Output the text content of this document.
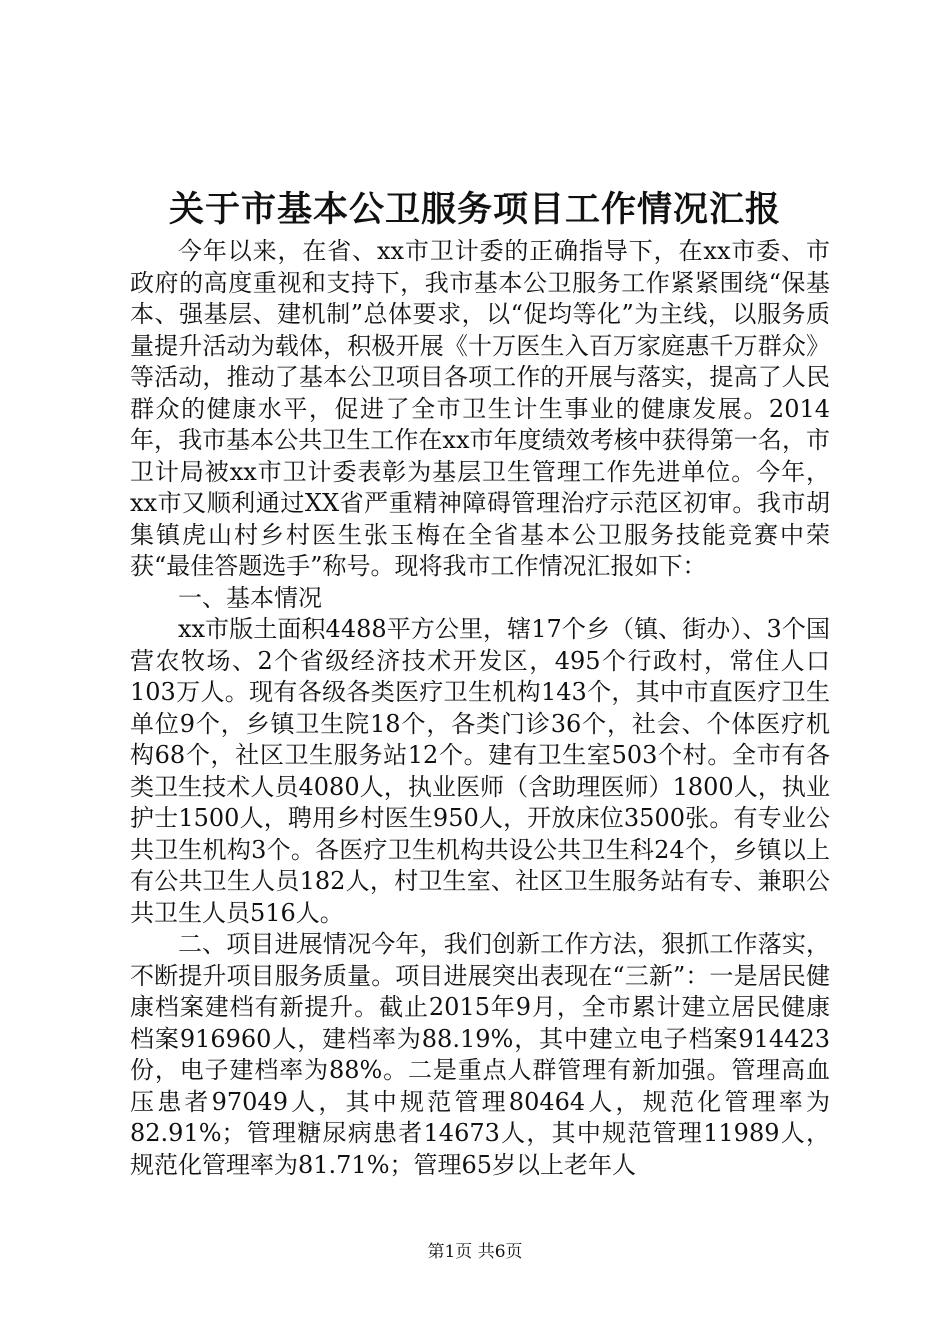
关于市基本公卫服务项目工作情况汇报

今年以来，在省、xx市卫计委的正确指导下，在xx市委、市政府的高度重视和支持下，我市基本公卫服务工作紧紧围绕“保基本、强基层、建机制”总体要求，以“促均等化”为主线，以服务质量提升活动为载体，积极开展《十万医生入百万家庭惠千万群众》等活动，推动了基本公卫项目各项工作的开展与落实，提高了人民群众的健康水平，促进了全市卫生计生事业的健康发展。2014年，我市基本公共卫生工作在xx市年度绩效考核中获得第一名，市卫计局被xx市卫计委表彰为基层卫生管理工作先进单位。今年，xx市又顺利通过XX省严重精神障碍管理治疗示范区初审。我市胡集镇虎山村乡村医生张玉梅在全省基本公卫服务技能竞赛中荣获“最佳答题选手”称号。现将我市工作情况汇报如下：

一、基本情况

xx市版土面积4488平方公里，辖17个乡（镇、街办）、3个国营农牧场、2个省级经济技术开发区，495个行政村，常住人口103万人。现有各级各类医疗卫生机构143个，其中市直医疗卫生单位9个，乡镇卫生院18个，各类门诊36个，社会、个体医疗机构68个，社区卫生服务站12个。建有卫生室503个村。全市有各类卫生技术人员4080人，执业医师（含助理医师）1800人，执业护士1500人，聘用乡村医生950人，开放床位3500张。有专业公共卫生机构3个。各医疗卫生机构共设公共卫生科24个，乡镇以上有公共卫生人员182人，村卫生室、社区卫生服务站有专、兼职公共卫生人员516人。

二、项目进展情况今年，我们创新工作方法，狠抓工作落实，不断提升项目服务质量。项目进展突出表现在“三新”：一是居民健康档案建档有新提升。截止2015年9月，全市累计建立居民健康档案916960人，建档率为88.19%，其中建立电子档案914423份，电子建档率为88%。二是重点人群管理有新加强。管理高血压患者97049人，其中规范管理80464人，规范化管理率为82.91%；管理糖尿病患者14673人，其中规范管理11989人，规范化管理率为81.71%；管理65岁以上老年人

第1页 共6页
